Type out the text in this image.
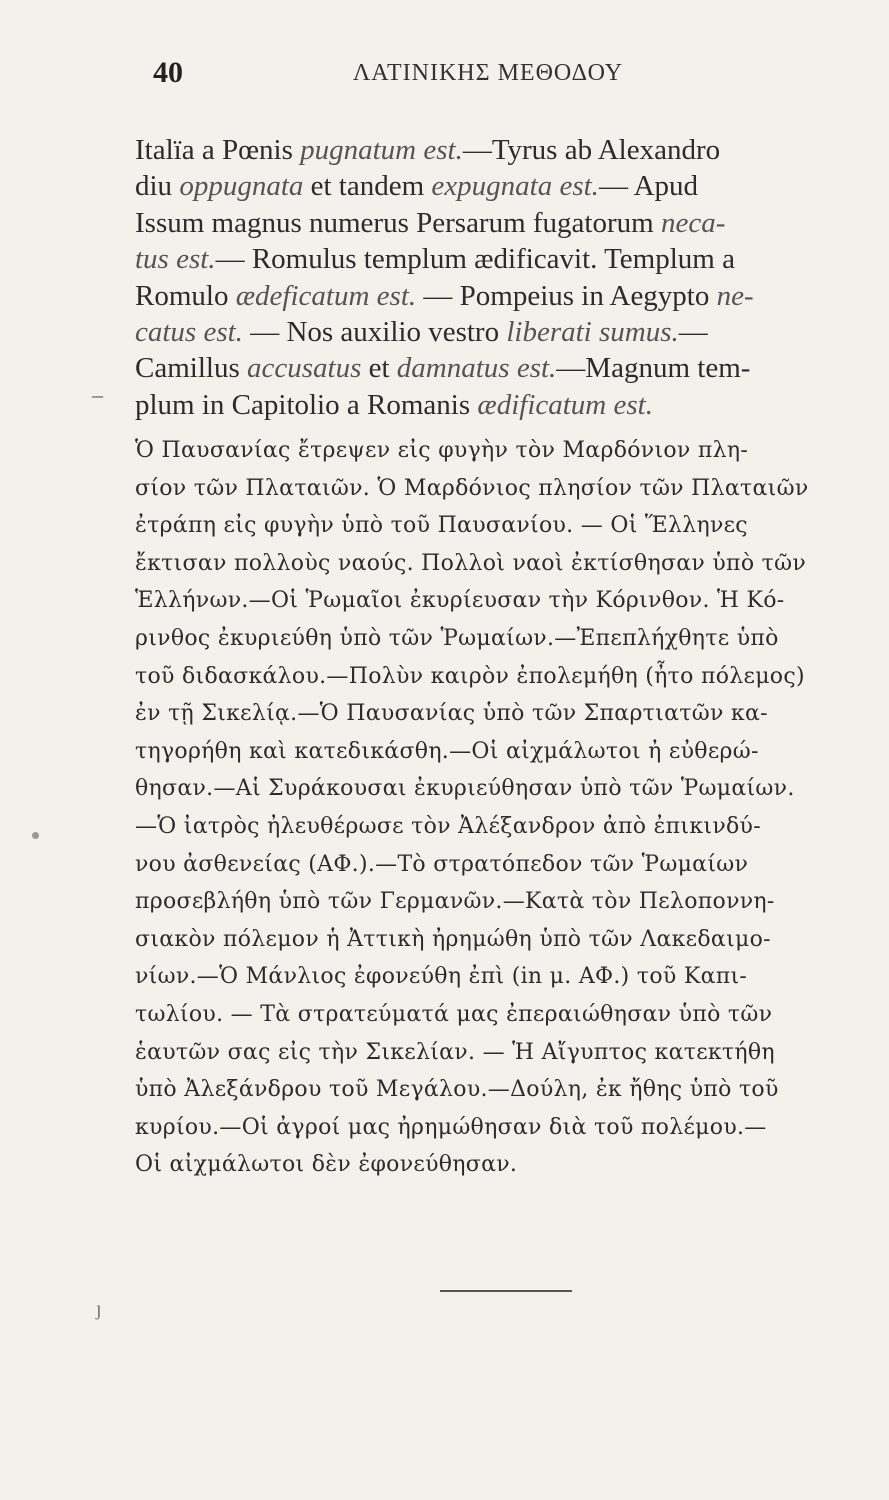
40	ΛΑΤΙΝΙΚΗΣ ΜΕΘΟΔΟΥ
Italïa a Pœnis pugnatum est.—Tyrus ab Alexandro
diu oppugnata et tandem expugnata est.— Apud
Issum magnus numerus Persarum fugatorum neca-
tus est.— Romulus templum ædificavit. Templum a
Romulo ædeficatum est. — Pompeius in Aegypto ne-
catus est. — Nos auxilio vestro liberati sumus.—
Camillus accusatus et damnatus est.—Magnum tem-
plum in Capitolio a Romanis ædificatum est.
Ὁ Παυσανίας ἔτρεψεν εἰς φυγὴν τὸν Μαρδόνιον πλη-
σίον τῶν Πλαταιῶν. Ὁ Μαρδόνιος πλησίον τῶν Πλαταιῶν
ἐτράπη εἰς φυγὴν ὑπὸ τοῦ Παυσανίου. — Οἱ Ἕλληνες
ἔκτισαν πολλοὺς ναούς. Πολλοὶ ναοὶ ἐκτίσθησαν ὑπὸ τῶν
Ἑλλήνων.—Οἱ Ῥωμαῖοι ἐκυρίευσαν τὴν Κόρινθον. Ἡ Κό-
ρινθος ἐκυριεύθη ὑπὸ τῶν Ῥωμαίων.—Ἐπεπλήχθητε ὑπὸ
τοῦ διδασκάλου.—Πολὺν καιρὸν ἐπολεμήθη (ἦτο πόλεμος)
ἐν τῇ Σικελίᾳ.—Ὁ Παυσανίας ὑπὸ τῶν Σπαρτιατῶν κα-
τηγορήθη καὶ κατεδικάσθη.—Οἱ αἰχμάλωτοι ἠ εὐθερώ-
θησαν.—Αἱ Συράκουσαι ἐκυριεύθησαν ὑπὸ τῶν Ῥωμαίων.
—Ὁ ἰατρὸς ἠλευθέρωσε τὸν Ἀλέξανδρον ἀπὸ ἐπικινδύ-
νου ἀσθενείας (ΑΦ.).—Τὸ στρατόπεδον τῶν Ῥωμαίων
προσεβλήθη ὑπὸ τῶν Γερμανῶν.—Κατὰ τὸν Πελοποννη-
σιακὸν πόλεμον ἡ Ἀττικὴ ἠρημώθη ὑπὸ τῶν Λακεδαιμο-
νίων.—Ὁ Μάνλιος ἐφονεύθη ἐπὶ (in μ. ΑΦ.) τοῦ Καπι-
τωλίου. — Τὰ στρατεύματά μας ἐπεραιώθησαν ὑπὸ τῶν
ἑαυτῶν σας εἰς τὴν Σικελίαν. — Ἡ Αἴγυπτος κατεκτήθη
ὑπὸ Ἀλεξάνδρου τοῦ Μεγάλου.—Δούλη, ἐκ ἤθης ὑπὸ τοῦ
κυρίου.—Οἱ ἀγροί μας ἠρημώθησαν διὰ τοῦ πολέμου.—
Οἱ αἰχμάλωτοι δὲν ἐφονεύθησαν.
–
ȷ
